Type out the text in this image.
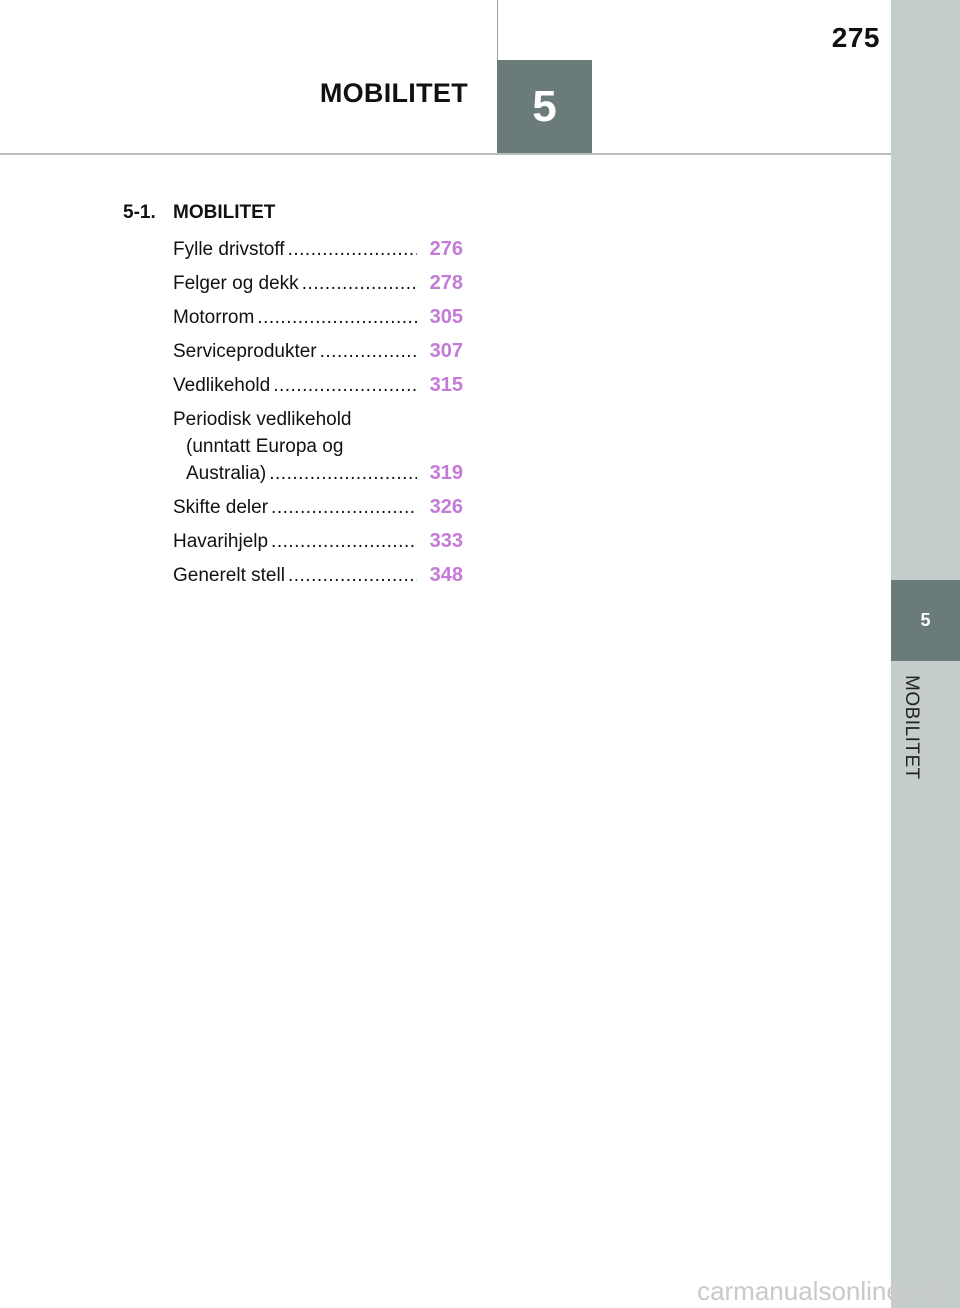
275
MOBILITET 5
5
MOBILITET
5-1. MOBILITET
Fylle drivstoff .....	276
Felger og dekk .....	278
Motorrom .....	305
Serviceprodukter .....	307
Vedlikehold .....	315
Periodisk vedlikehold
(unntatt Europa og
Australia) .....	319
Skifte deler .....	326
Havarihjelp .....	333
Generelt stell .....	348
carmanualsonline.info
